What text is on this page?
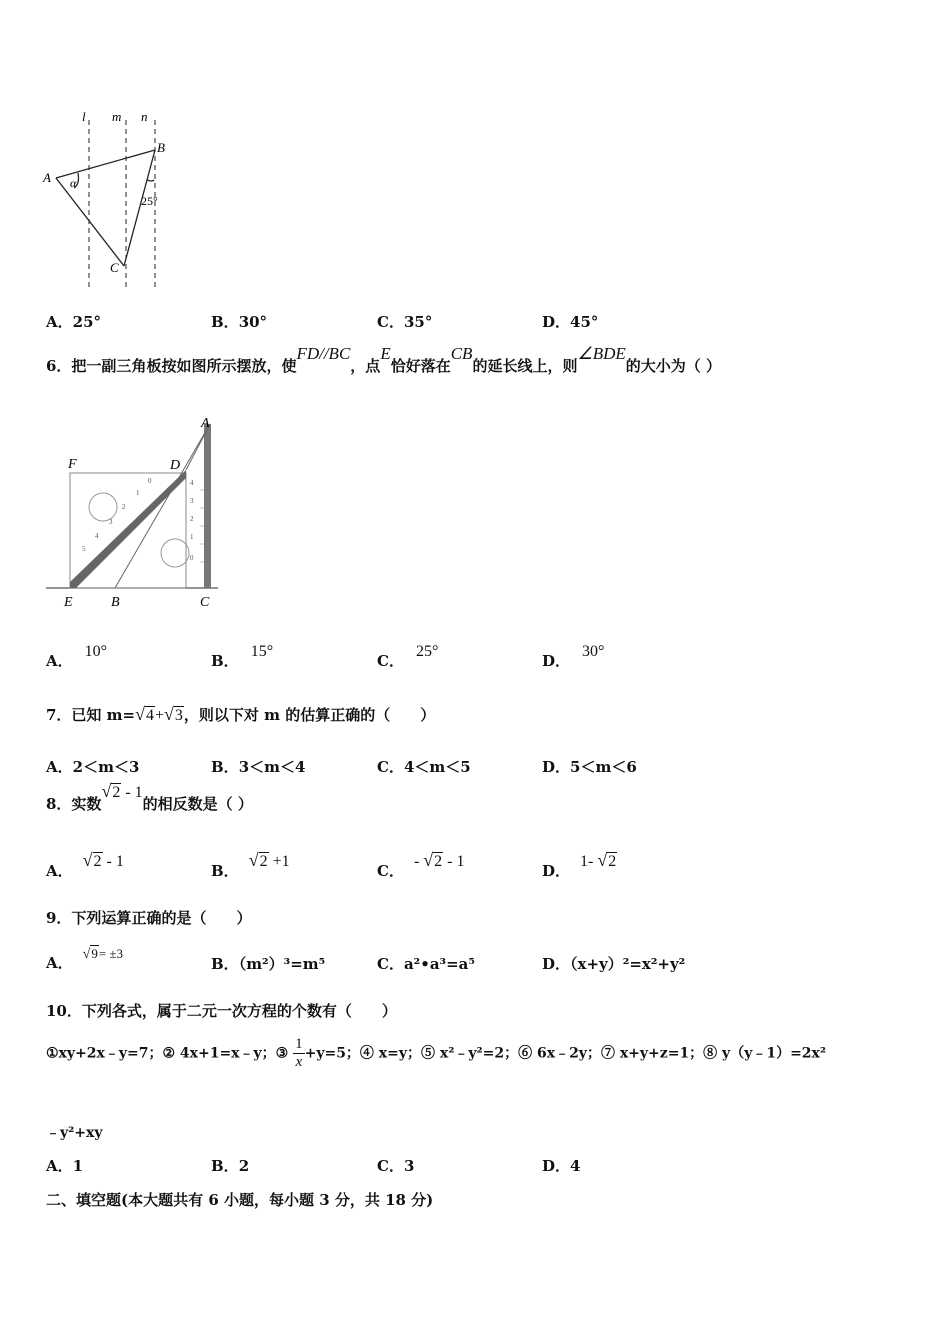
l m n
A
B
C
α
25°
A．25°	B．30°	C．35°	D．45°
6．把一副三角板按如图所示摆放，使FD//BC，点E恰好落在CB的延长线上，则∠BDE的大小为（ ）
0
1
2
3
4
5
4
3
2
1
0
A
F	D
E	B	C
A．10°
B．15°
C．25°
D．30°
7．已知 m=√4+√3，则以下对 m 的估算正确的（　　）
A．2＜m＜3	B．3＜m＜4	C．4＜m＜5	D．5＜m＜6
8．实数√2 - 1的相反数是（ ）
A．√2 - 1
B．√2 +1
C．- √2 - 1
D．1- √2
9．下列运算正确的是（　　）
A． √9= ±3
B．（m²）³=m⁵	C．a²•a³=a⁵	D．（x+y）²=x²+y²
10．下列各式，属于二元一次方程的个数有（　　）
①xy+2x﹣y=7；② 4x+1=x﹣y；③ $\frac{1}{x} +y=5$；④ x=y；⑤ x²﹣y²=2；⑥ 6x﹣2y；⑦ x+y+z=1；⑧ y（y﹣1）=2x²
﹣y²+xy
A．1	B．2	C．3	D．4
二、填空题(本大题共有 6 小题，每小题 3 分，共 18 分)
